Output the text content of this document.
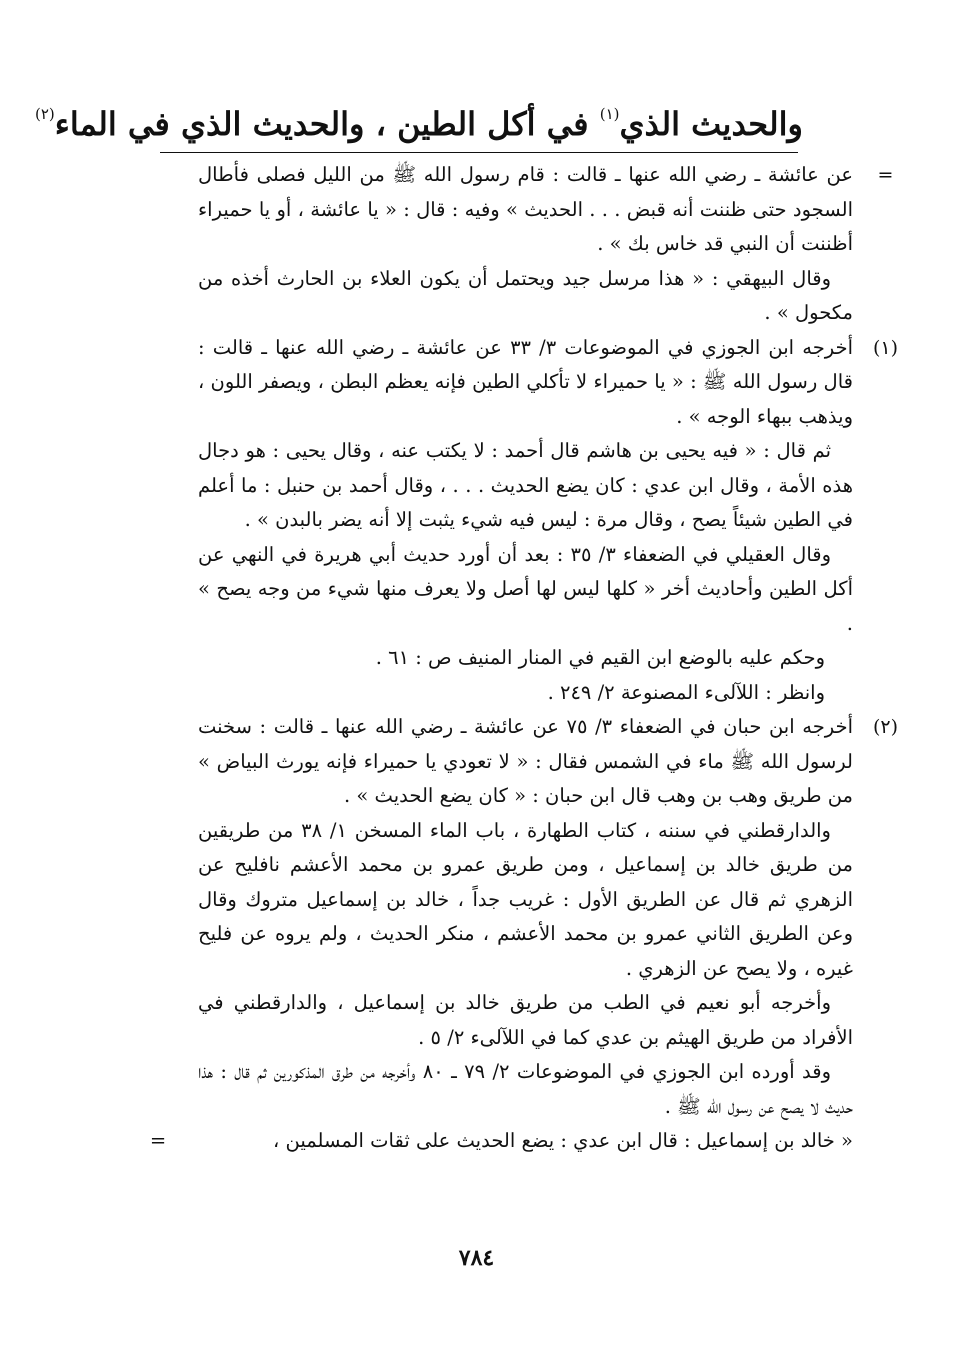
والحديث الذي$^{(١)}$ في أكل الطين ، والحديث الذي في الماء$^{(٢)}$
=

عن عائشة ـ رضي الله عنها ـ قالت : قام رسول الله ﷺ من الليل فصلى فأطال السجود حتى ظننت أنه قبض . . . الحديث » وفيه : قال : « يا عائشة ، أو يا حميراء أظننت أن النبي قد خاس بك » .

وقال البيهقي : « هذا مرسل جيد ويحتمل أن يكون العلاء بن الحارث أخذه من مكحول » .

(١)

أخرجه ابن الجوزي في الموضوعات ٣/ ٣٣ عن عائشة ـ رضي الله عنها ـ قالت : قال رسول الله ﷺ : « يا حميراء لا تأكلي الطين فإنه يعظم البطن ، ويصفر اللون ، ويذهب ببهاء الوجه » .

ثم قال : « فيه يحيى بن هاشم قال أحمد : لا يكتب عنه ، وقال يحيى : هو دجال هذه الأمة ، وقال ابن عدي : كان يضع الحديث . . . ، وقال أحمد بن حنبل : ما أعلم في الطين شيئاً يصح ، وقال مرة : ليس فيه شيء يثبت إلا أنه يضر بالبدن » .

وقال العقيلي في الضعفاء ٣/ ٣٥ : بعد أن أورد حديث أبي هريرة في النهي عن أكل الطين وأحاديث أخر « كلها ليس لها أصل ولا يعرف منها شيء من وجه يصح » .

وحكم عليه بالوضع ابن القيم في المنار المنيف ص : ٦١ .

وانظر : اللآلىء المصنوعة ٢/ ٢٤٩ .

(٢)

أخرجه ابن حبان في الضعفاء ٣/ ٧٥ عن عائشة ـ رضي الله عنها ـ قالت : سخنت لرسول الله ﷺ ماء في الشمس فقال : « لا تعودي يا حميراء فإنه يورث البياض » من طريق وهب بن وهب قال ابن حبان : « كان يضع الحديث » .

والدارقطني في سننه ، كتاب الطهارة ، باب الماء المسخن ١/ ٣٨ من طريقين من طريق خالد بن إسماعيل ، ومن طريق عمرو بن محمد الأعشم نافليح عن الزهري ثم قال عن الطريق الأول : غريب جداً ، خالد بن إسماعيل متروك وقال وعن الطريق الثاني عمرو بن محمد الأعشم ، منكر الحديث ، ولم يروه عن فليح غيره ، ولا يصح عن الزهري .

وأخرجه أبو نعيم في الطب من طريق خالد بن إسماعيل ، والدارقطني في الأفراد من طريق الهيثم بن عدي كما في اللآلىء ٢/ ٥ .

وقد أورده ابن الجوزي في الموضوعات ٢/ ٧٩ ـ ٨٠ وأخرجه من طرق المذكورين ثم قال : هذا حديث لا يصح عن رسول الله ﷺ .

« خالد بن إسماعيل : قال ابن عدي : يضع الحديث على ثقات المسلمين ،

=
٧٨٤
